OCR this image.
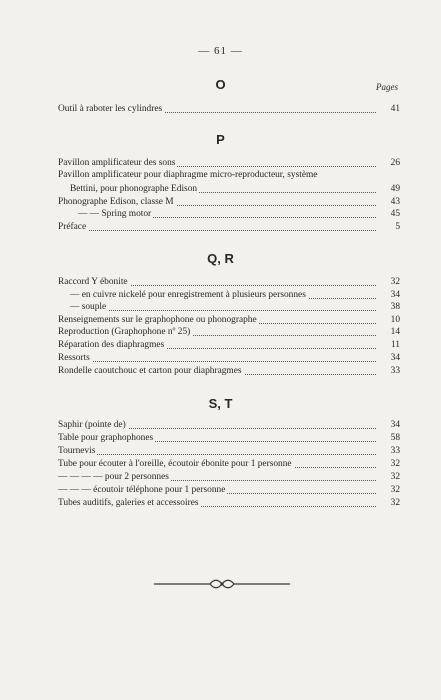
— 61 —
Pages
O
Outil à raboter les cylindres	41
P
Pavillon amplificateur des sons	26
Pavillon amplificateur pour diaphragme micro-reproducteur, système
Bettini, pour phonographe Edison	49
Phonographe Edison, classe M	43
— — Spring motor	45
Préface	5
Q, R
Raccord Y ébonite	32
— en cuivre nickelé pour enregistrement à plusieurs personnes	34
— souple	38
Renseignements sur le graphophone ou phonographe	10
Reproduction (Graphophone nº 25)	14
Réparation des diaphragmes	11
Ressorts	34
Rondelle caoutchouc et carton pour diaphragmes	33
S, T
Saphir (pointe de)	34
Table pour graphophones	58
Tournevis	33
Tube pour écouter à l'oreille, écoutoir ébonite pour 1 personne	32
— — — — pour 2 personnes	32
— — — écoutoir téléphone pour 1 personne	32
Tubes auditifs, galeries et accessoires	32
